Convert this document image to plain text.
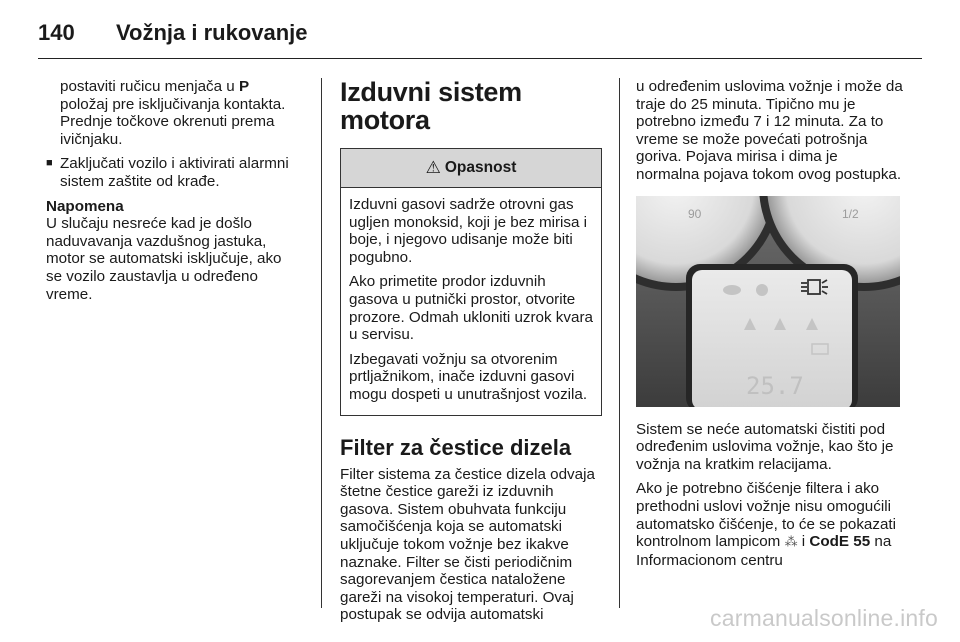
140 Vožnja i rukovanje

postaviti ručicu menjača u P položaj pre isključivanja kontakta. Prednje točkove okrenuti prema ivičnjaku.

■ Zaključati vozilo i aktivirati alarmni sistem zaštite od krađe.

Napomena

U slučaju nesreće kad je došlo naduvavanja vazdušnog jastuka, motor se automatski isključuje, ako se vozilo zaustavlja u određeno vreme.

Izduvni sistem motora
⚠ Opasnost

Izduvni gasovi sadrže otrovni gas ugljen monoksid, koji je bez mirisa i boje, i njegovo udisanje može biti pogubno.

Ako primetite prodor izduvnih gasova u putnički prostor, otvorite prozore. Odmah ukloniti uzrok kvara u servisu.

Izbegavati vožnju sa otvorenim prtljažnikom, inače izduvni gasovi mogu dospeti u unutrašnjost vozila.

Filter za čestice dizela

Filter sistema za čestice dizela odvaja štetne čestice gareži iz izduvnih gasova. Sistem obuhvata funkciju samočišćenja koja se automatski uključuje tokom vožnje bez ikakve naznake. Filter se čisti periodičnim sagorevanjem čestica nataložene gareži na visokoj temperaturi. Ovaj postupak se odvija automatski

u određenim uslovima vožnje i može da traje do 25 minuta. Tipično mu je potrebno između 7 i 12 minuta. Za to vreme se može povećati potrošnja goriva. Pojava mirisa i dima je normalna pojava tokom ovog postupka.

90	1/2
25.7

Sistem se neće automatski čistiti pod određenim uslovima vožnje, kao što je vožnja na kratkim relacijama.

Ako je potrebno čišćenje filtera i ako prethodni uslovi vožnje nisu omogućili automatsko čišćenje, to će se pokazati kontrolnom lampicom ⁂ i CodE 55 na Informacionom centru

carmanualsonline.info
